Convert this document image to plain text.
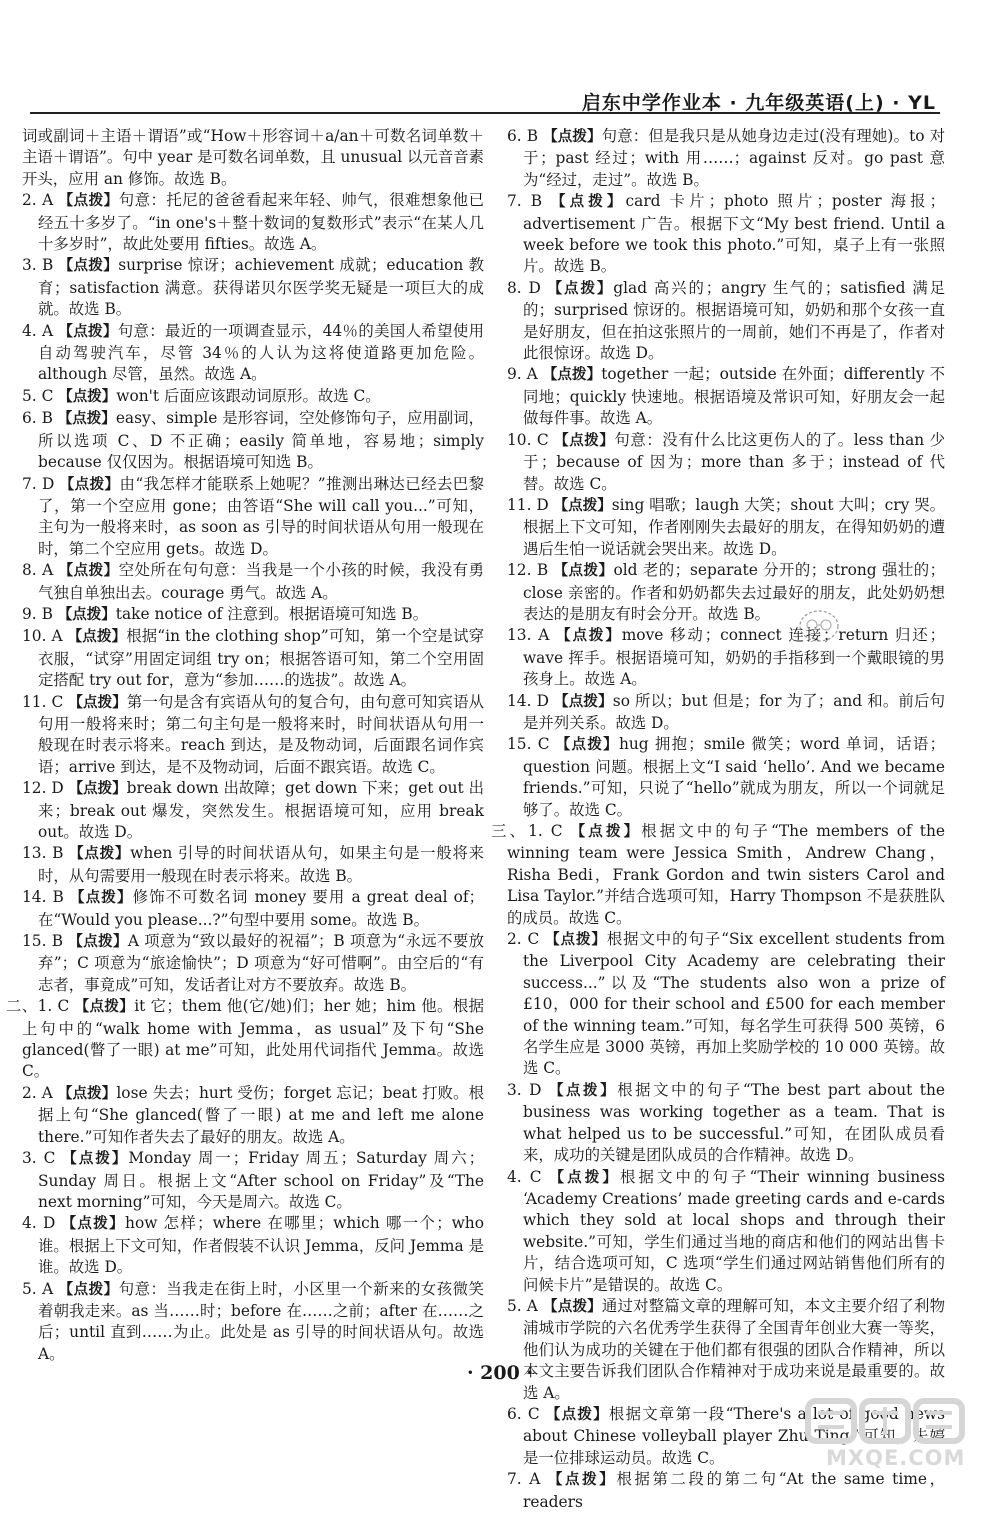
启东中学作业本 · 九年级英语(上) · YL

词或副词＋主语＋谓语”或“How＋形容词＋a/an＋可数名词单数＋主语＋谓语”。句中 year 是可数名词单数，且 unusual 以元音音素开头，应用 an 修饰。故选 B。

2. A 【点拨】句意：托尼的爸爸看起来年轻、帅气，很难想象他已经五十多岁了。“in one's＋整十数词的复数形式”表示“在某人几十多岁时”，故此处要用 fifties。故选 A。

3. B 【点拨】surprise 惊讶；achievement 成就；education 教育；satisfaction 满意。获得诺贝尔医学奖无疑是一项巨大的成就。故选 B。

4. A 【点拨】句意：最近的一项调查显示，44％的美国人希望使用自动驾驶汽车，尽管 34％的人认为这将使道路更加危险。although 尽管，虽然。故选 A。

5. C 【点拨】won't 后面应该跟动词原形。故选 C。

6. B 【点拨】easy、simple 是形容词，空处修饰句子，应用副词，所以选项 C、D 不正确；easily 简单地，容易地；simply because 仅仅因为。根据语境可知选 B。

7. D 【点拨】由“我怎样才能联系上她呢？”推测出琳达已经去巴黎了，第一个空应用 gone；由答语“She will call you...”可知，主句为一般将来时，as soon as 引导的时间状语从句用一般现在时，第二个空应用 gets。故选 D。

8. A 【点拨】空处所在句句意：当我是一个小孩的时候，我没有勇气独自单独出去。courage 勇气。故选 A。

9. B 【点拨】take notice of 注意到。根据语境可知选 B。

10. A 【点拨】根据“in the clothing shop”可知，第一个空是试穿衣服，“试穿”用固定词组 try on；根据答语可知，第二个空用固定搭配 try out for，意为“参加……的选拔”。故选 A。

11. C 【点拨】第一句是含有宾语从句的复合句，由句意可知宾语从句用一般将来时；第二句主句是一般将来时，时间状语从句用一般现在时表示将来。reach 到达，是及物动词，后面跟名词作宾语；arrive 到达，是不及物动词，后面不跟宾语。故选 C。

12. D 【点拨】break down 出故障；get down 下来；get out 出来；break out 爆发，突然发生。根据语境可知，应用 break out。故选 D。

13. B 【点拨】when 引导的时间状语从句，如果主句是一般将来时，从句需要用一般现在时表示将来。故选 B。

14. B 【点拨】修饰不可数名词 money 要用 a great deal of；在“Would you please...?”句型中要用 some。故选 B。

15. B 【点拨】A 项意为“致以最好的祝福”；B 项意为“永远不要放弃”；C 项意为“旅途愉快”；D 项意为“好可惜啊”。由空后的“有志者，事竟成”可知，发话者让对方不要放弃。故选 B。

二、1. C 【点拨】it 它；them 他(它/她)们；her 她；him 他。根据上句中的“walk home with Jemma，as usual”及下句“She glanced(瞥了一眼) at me”可知，此处用代词指代 Jemma。故选 C。

2. A 【点拨】lose 失去；hurt 受伤；forget 忘记；beat 打败。根据上句“She glanced(瞥了一眼) at me and left me alone there.”可知作者失去了最好的朋友。故选 A。

3. C 【点拨】Monday 周一；Friday 周五；Saturday 周六；Sunday 周日。根据上文“After school on Friday”及“The next morning”可知，今天是周六。故选 C。

4. D 【点拨】how 怎样；where 在哪里；which 哪一个；who 谁。根据上下文可知，作者假装不认识 Jemma，反问 Jemma 是谁。故选 D。

5. A 【点拨】句意：当我走在街上时，小区里一个新来的女孩微笑着朝我走来。as 当……时；before 在……之前；after 在……之后；until 直到……为止。此处是 as 引导的时间状语从句。故选 A。

6. B 【点拨】句意：但是我只是从她身边走过(没有理她)。to 对于；past 经过；with 用……；against 反对。go past 意为“经过，走过”。故选 B。

7. B 【点拨】card 卡片；photo 照片；poster 海报；advertisement 广告。根据下文“My best friend. Until a week before we took this photo.”可知，桌子上有一张照片。故选 B。

8. D 【点拨】glad 高兴的；angry 生气的；satisfied 满足的；surprised 惊讶的。根据语境可知，奶奶和那个女孩一直是好朋友，但在拍这张照片的一周前，她们不再是了，作者对此很惊讶。故选 D。

9. A 【点拨】together 一起；outside 在外面；differently 不同地；quickly 快速地。根据语境及常识可知，好朋友会一起做每件事。故选 A。

10. C 【点拨】句意：没有什么比这更伤人的了。less than 少于；because of 因为；more than 多于；instead of 代替。故选 C。

11. D 【点拨】sing 唱歌；laugh 大笑；shout 大叫；cry 哭。根据上下文可知，作者刚刚失去最好的朋友，在得知奶奶的遭遇后生怕一说话就会哭出来。故选 D。

12. B 【点拨】old 老的；separate 分开的；strong 强壮的；close 亲密的。作者和奶奶都失去过最好的朋友，此处奶奶想表达的是朋友有时会分开。故选 B。

13. A 【点拨】move 移动；connect 连接；return 归还；wave 挥手。根据语境可知，奶奶的手指移到一个戴眼镜的男孩身上。故选 A。

14. D 【点拨】so 所以；but 但是；for 为了；and 和。前后句是并列关系。故选 D。

15. C 【点拨】hug 拥抱；smile 微笑；word 单词，话语；question 问题。根据上文“I said ‘hello’. And we became friends.”可知，只说了“hello”就成为朋友，所以一个词就足够了。故选 C。

三、1. C 【点拨】根据文中的句子“The members of the winning team were Jessica Smith，Andrew Chang，Risha Bedi，Frank Gordon and twin sisters Carol and Lisa Taylor.”并结合选项可知，Harry Thompson 不是获胜队的成员。故选 C。

2. C 【点拨】根据文中的句子“Six excellent students from the Liverpool City Academy are celebrating their success...”以及“The students also won a prize of £10，000 for their school and £500 for each member of the winning team.”可知，每名学生可获得 500 英镑，6 名学生应是 3000 英镑，再加上奖励学校的 10 000 英镑。故选 C。

3. D 【点拨】根据文中的句子“The best part about the business was working together as a team. That is what helped us to be successful.”可知，在团队成员看来，成功的关键是团队成员的合作精神。故选 D。

4. C 【点拨】根据文中的句子“Their winning business ‘Academy Creations’ made greeting cards and e-cards which they sold at local shops and through their website.”可知，学生们通过当地的商店和他们的网站出售卡片，结合选项可知，C 选项“学生们通过网站销售他们所有的问候卡片”是错误的。故选 C。

5. A 【点拨】通过对整篇文章的理解可知，本文主要介绍了利物浦城市学院的六名优秀学生获得了全国青年创业大赛一等奖，他们认为成功的关键在于他们都有很强的团队合作精神，所以本文主要告诉我们团队合作精神对于成功来说是最重要的。故选 A。

6. C 【点拨】根据文章第一段“There's a lot of good news about Chinese volleyball player Zhu Ting.”可知，朱婷是一位排球运动员。故选 C。

7. A 【点拨】根据第二段的第二句“At the same time，readers

· 200 ·
MXQE.COM
